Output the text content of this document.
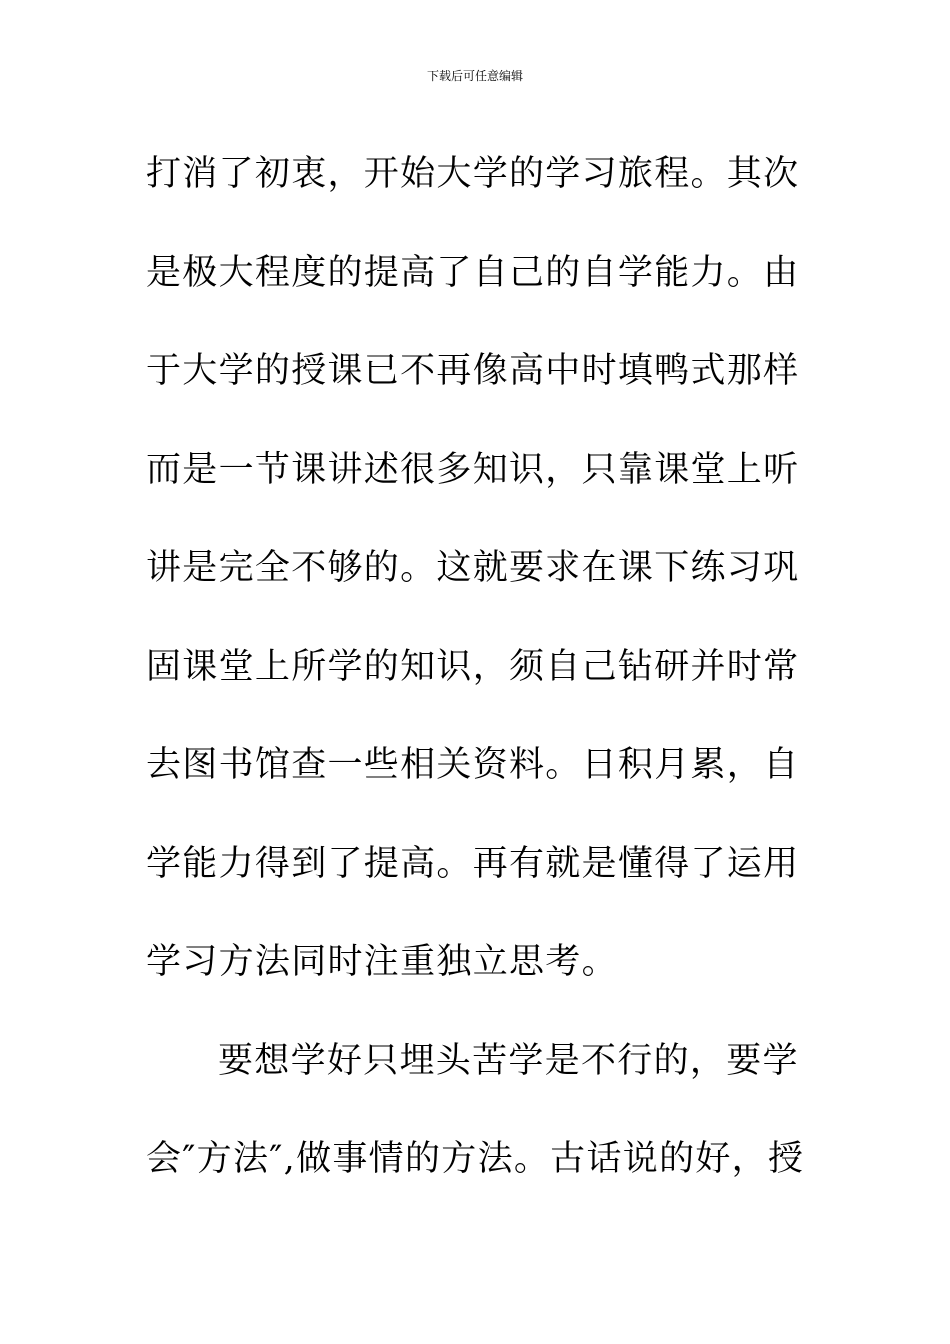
下载后可任意编辑
打消了初衷，开始大学的学习旅程。其次
是极大程度的提高了自己的自学能力。由
于大学的授课已不再像高中时填鸭式那样
而是一节课讲述很多知识，只靠课堂上听
讲是完全不够的。这就要求在课下练习巩
固课堂上所学的知识，须自己钻研并时常
去图书馆查一些相关资料。日积月累，自
学能力得到了提高。再有就是懂得了运用
学习方法同时注重独立思考。
要想学好只埋头苦学是不行的，要学
会″方法″,做事情的方法。古话说的好，授
